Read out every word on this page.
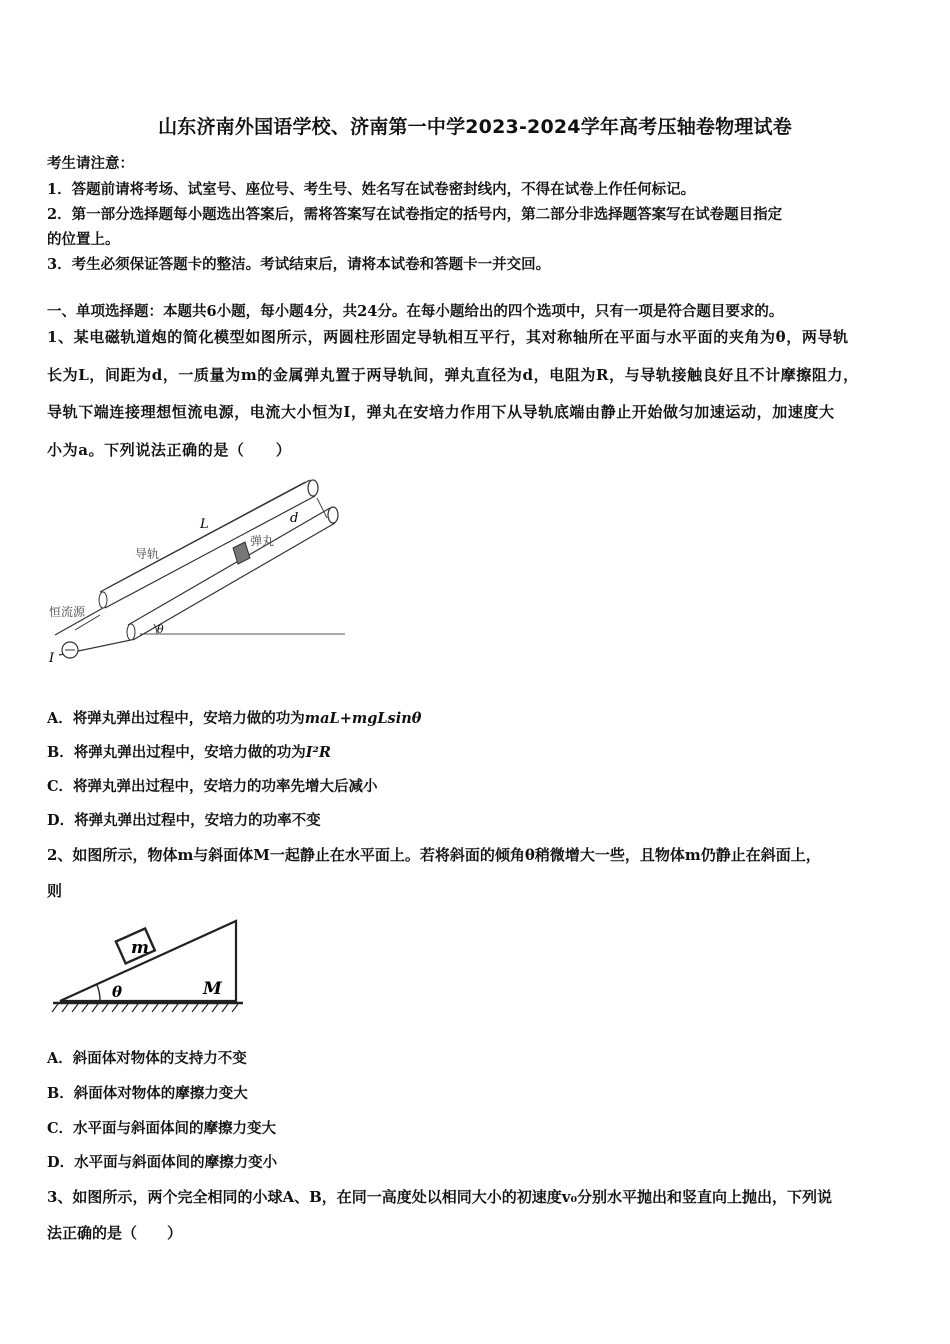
山东济南外国语学校、济南第一中学2023-2024学年高考压轴卷物理试卷
考生请注意：
1．答题前请将考场、试室号、座位号、考生号、姓名写在试卷密封线内，不得在试卷上作任何标记。
2．第一部分选择题每小题选出答案后，需将答案写在试卷指定的括号内，第二部分非选择题答案写在试卷题目指定
的位置上。
3．考生必须保证答题卡的整洁。考试结束后，请将本试卷和答题卡一并交回。
一、单项选择题：本题共6小题，每小题4分，共24分。在每小题给出的四个选项中，只有一项是符合题目要求的。
1、某电磁轨道炮的简化模型如图所示，两圆柱形固定导轨相互平行，其对称轴所在平面与水平面的夹角为θ，两导轨
长为L，间距为d，一质量为m的金属弹丸置于两导轨间，弹丸直径为d，电阻为R，与导轨接触良好且不计摩擦阻力，
导轨下端连接理想恒流电源，电流大小恒为I，弹丸在安培力作用下从导轨底端由静止开始做匀加速运动，加速度大
小为a。下列说法正确的是（　　）
L	d
导轨
弹丸
恒流源
I
θ
A．将弹丸弹出过程中，安培力做的功为maL+mgLsinθ
B．将弹丸弹出过程中，安培力做的功为I²R
C．将弹丸弹出过程中，安培力的功率先增大后减小
D．将弹丸弹出过程中，安培力的功率不变
2、如图所示，物体m与斜面体M一起静止在水平面上。若将斜面的倾角θ稍微增大一些，且物体m仍静止在斜面上，
则
m
M
θ
A．斜面体对物体的支持力不变
B．斜面体对物体的摩擦力变大
C．水平面与斜面体间的摩擦力变大
D．水平面与斜面体间的摩擦力变小
3、如图所示，两个完全相同的小球A、B，在同一高度处以相同大小的初速度v₀分别水平抛出和竖直向上抛出，下列说
法正确的是（　　）
